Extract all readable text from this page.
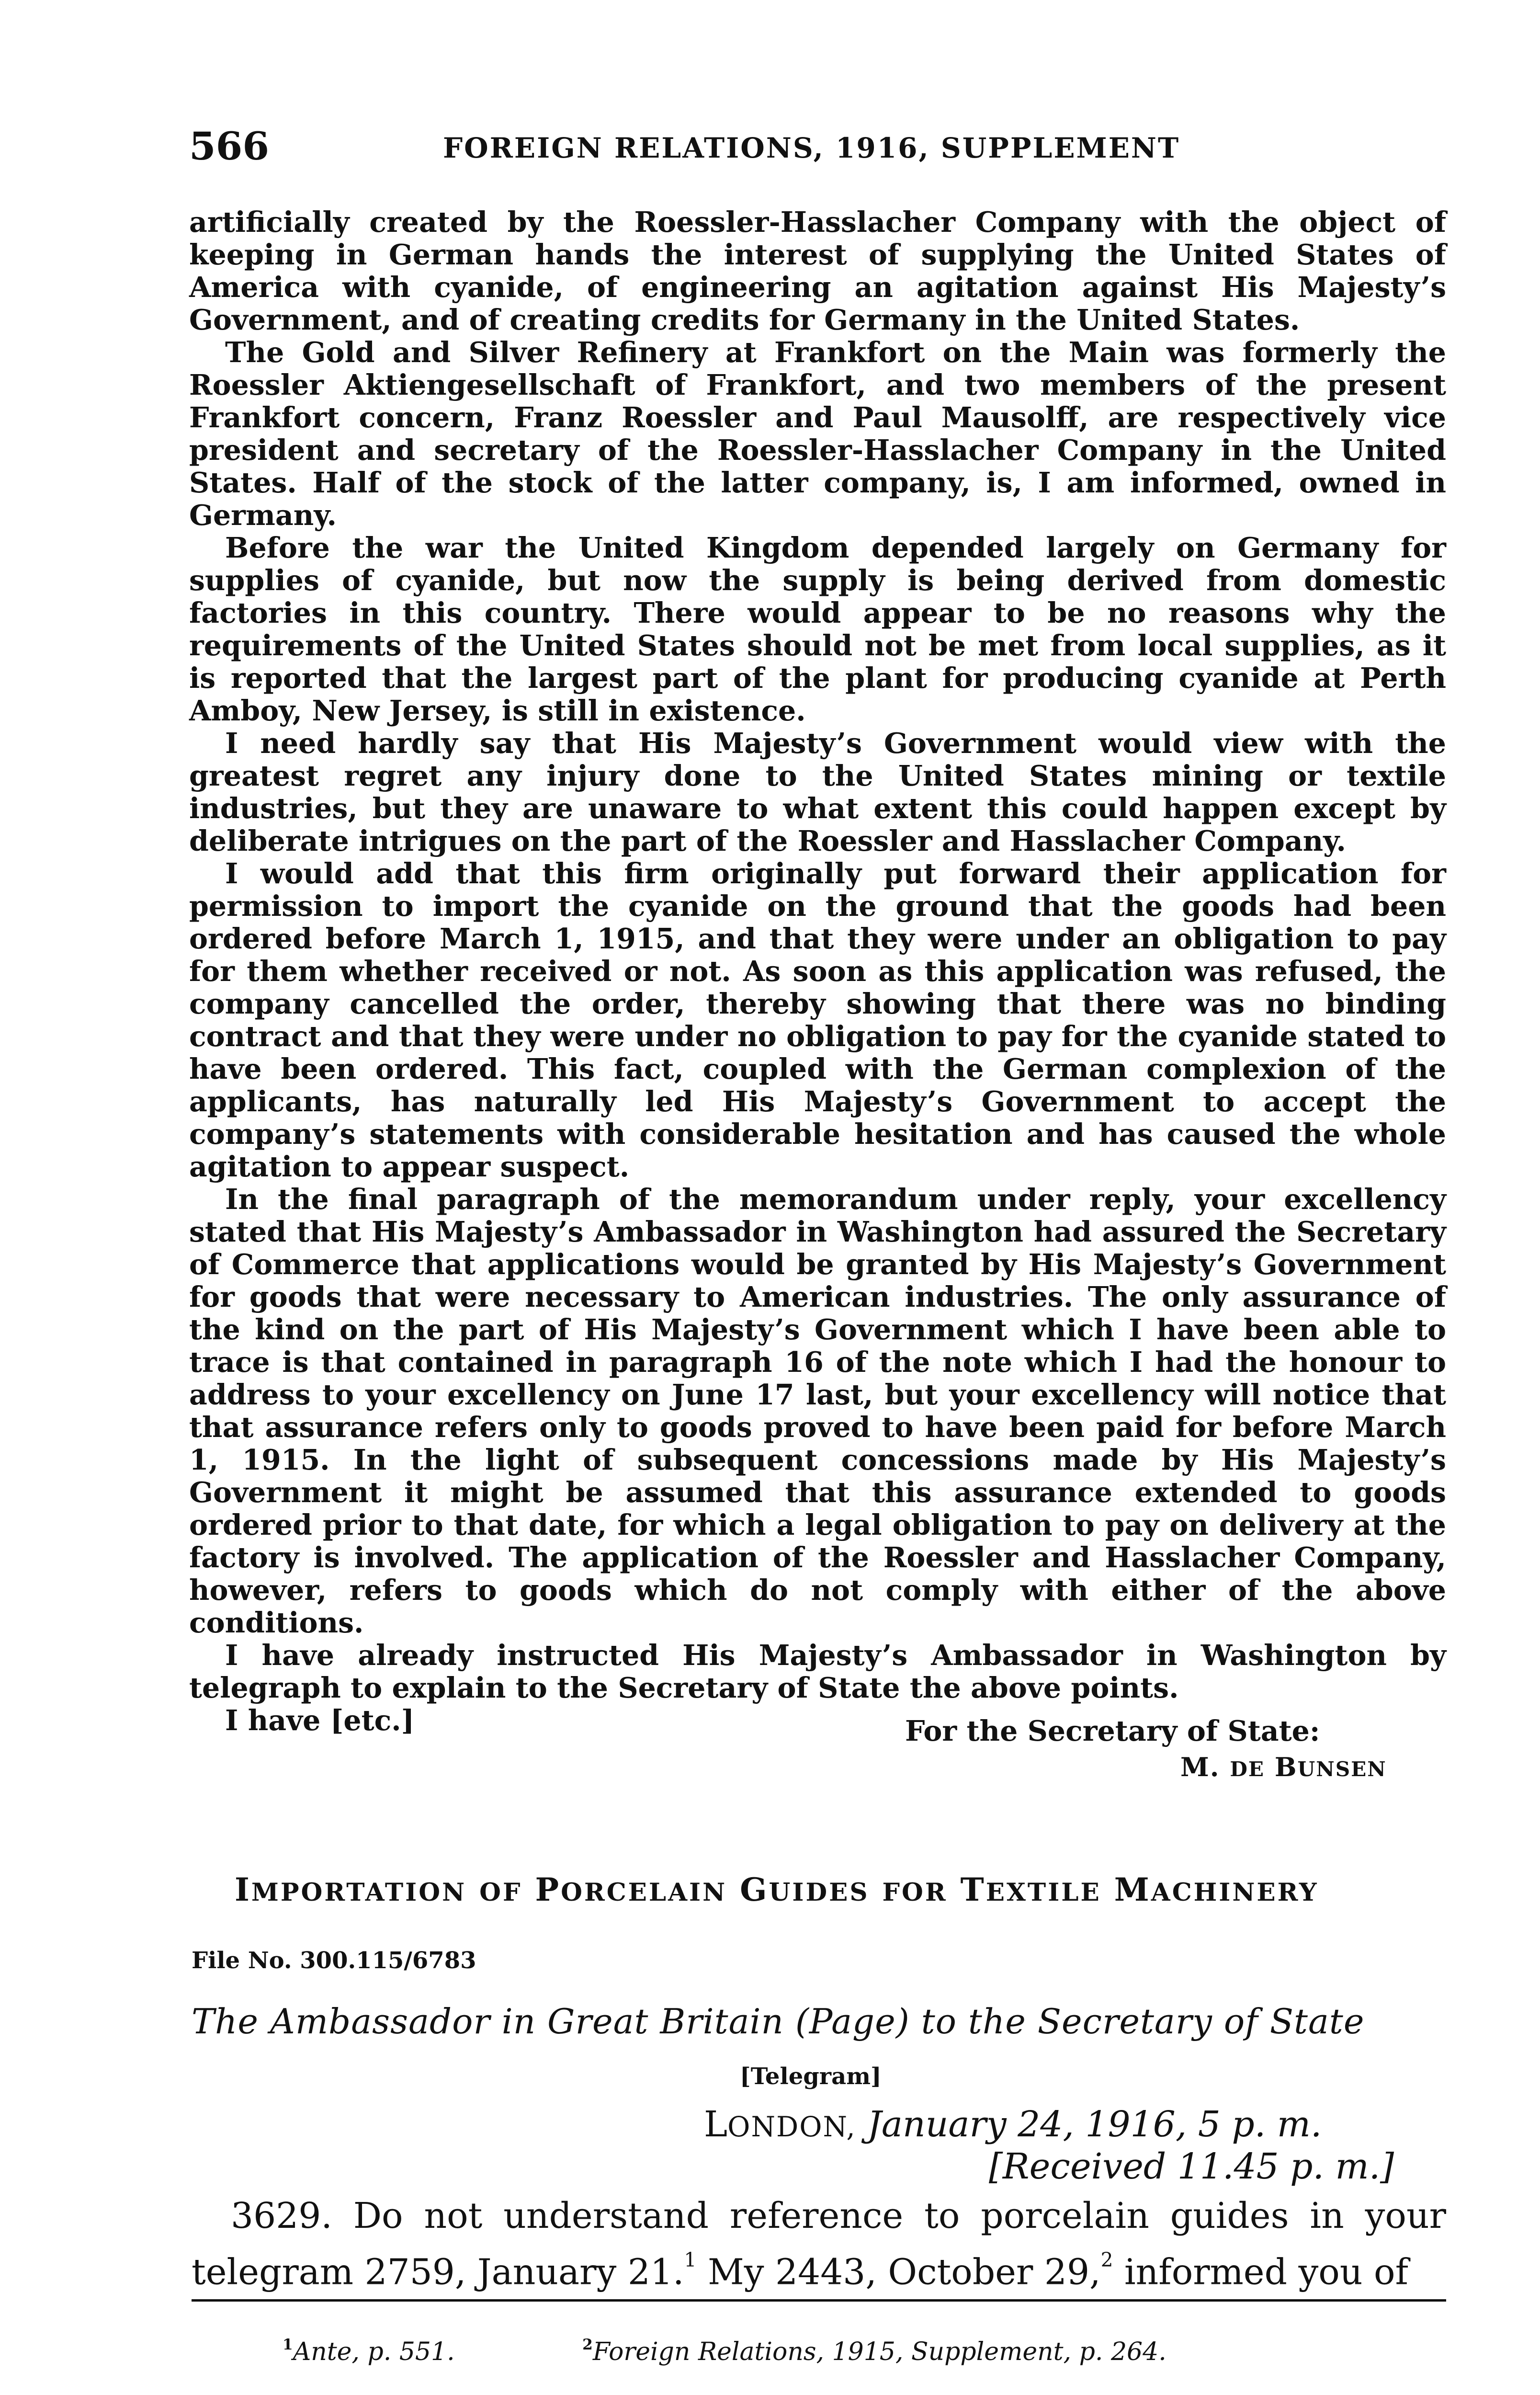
566	FOREIGN RELATIONS, 1916, SUPPLEMENT

artificially created by the Roessler-Hasslacher Company with the object of keeping in German hands the interest of supplying the United States of America with cyanide, of engineering an agitation against His Majesty’s Government, and of creating credits for Germany in the United States.

The Gold and Silver Refinery at Frankfort on the Main was formerly the Roessler Aktiengesellschaft of Frankfort, and two members of the present Frankfort concern, Franz Roessler and Paul Mausolff, are respectively vice president and secretary of the Roessler-Hasslacher Company in the United States. Half of the stock of the latter company, is, I am informed, owned in Germany.

Before the war the United Kingdom depended largely on Germany for supplies of cyanide, but now the supply is being derived from domestic factories in this country. There would appear to be no reasons why the requirements of the United States should not be met from local supplies, as it is reported that the largest part of the plant for producing cyanide at Perth Amboy, New Jersey, is still in existence.

I need hardly say that His Majesty’s Government would view with the greatest regret any injury done to the United States mining or textile industries, but they are unaware to what extent this could happen except by deliberate intrigues on the part of the Roessler and Hasslacher Company.

I would add that this firm originally put forward their application for permission to import the cyanide on the ground that the goods had been ordered before March 1, 1915, and that they were under an obligation to pay for them whether received or not. As soon as this application was refused, the company cancelled the order, thereby showing that there was no binding contract and that they were under no obligation to pay for the cyanide stated to have been ordered. This fact, coupled with the German complexion of the applicants, has naturally led His Majesty’s Government to accept the company’s statements with considerable hesitation and has caused the whole agitation to appear suspect.

In the final paragraph of the memorandum under reply, your excellency stated that His Majesty’s Ambassador in Washington had assured the Secretary of Commerce that applications would be granted by His Majesty’s Government for goods that were necessary to American industries. The only assurance of the kind on the part of His Majesty’s Government which I have been able to trace is that contained in paragraph 16 of the note which I had the honour to address to your excellency on June 17 last, but your excellency will notice that that assurance refers only to goods proved to have been paid for before March 1, 1915. In the light of subsequent concessions made by His Majesty’s Government it might be assumed that this assurance extended to goods ordered prior to that date, for which a legal obligation to pay on delivery at the factory is involved. The application of the Roessler and Hasslacher Company, however, refers to goods which do not comply with either of the above conditions.

I have already instructed His Majesty’s Ambassador in Washington by telegraph to explain to the Secretary of State the above points.

I have [etc.]	For the Secretary of State:
M. DE BUNSEN
IMPORTATION OF PORCELAIN GUIDES FOR TEXTILE MACHINERY
File No. 300.115/6783
The Ambassador in Great Britain (Page) to the Secretary of State
[Telegram]
LONDON, January 24, 1916, 5 p. m.
[Received 11.45 p. m.]
3629. Do not understand reference to porcelain guides in your telegram 2759, January 21.$^1$ My 2443, October 29,$^2$ informed you of
$^1$Ante, p. 551.	$^2$Foreign Relations, 1915, Supplement, p. 264.
